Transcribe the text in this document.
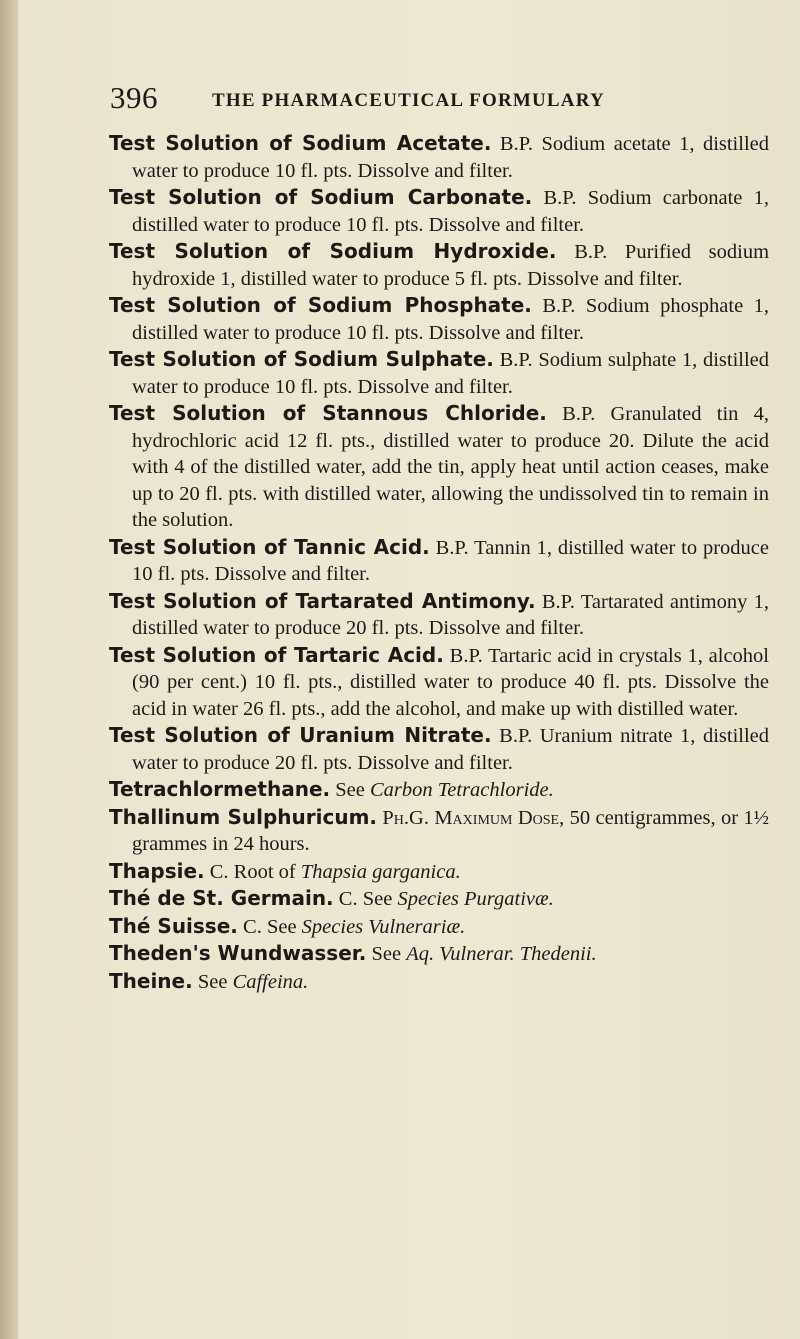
396	THE PHARMACEUTICAL FORMULARY

Test Solution of Sodium Acetate. B.P. Sodium acetate 1, distilled water to produce 10 fl. pts. Dissolve and filter.

Test Solution of Sodium Carbonate. B.P. Sodium carbonate 1, distilled water to produce 10 fl. pts. Dissolve and filter.

Test Solution of Sodium Hydroxide. B.P. Purified sodium hydroxide 1, distilled water to produce 5 fl. pts. Dissolve and filter.

Test Solution of Sodium Phosphate. B.P. Sodium phosphate 1, distilled water to produce 10 fl. pts. Dissolve and filter.

Test Solution of Sodium Sulphate. B.P. Sodium sulphate 1, distilled water to produce 10 fl. pts. Dissolve and filter.

Test Solution of Stannous Chloride. B.P. Granulated tin 4, hydrochloric acid 12 fl. pts., distilled water to produce 20. Dilute the acid with 4 of the distilled water, add the tin, apply heat until action ceases, make up to 20 fl. pts. with distilled water, allowing the undissolved tin to remain in the solution.

Test Solution of Tannic Acid. B.P. Tannin 1, distilled water to produce 10 fl. pts. Dissolve and filter.

Test Solution of Tartarated Antimony. B.P. Tartarated antimony 1, distilled water to produce 20 fl. pts. Dissolve and filter.

Test Solution of Tartaric Acid. B.P. Tartaric acid in crystals 1, alcohol (90 per cent.) 10 fl. pts., distilled water to produce 40 fl. pts. Dissolve the acid in water 26 fl. pts., add the alcohol, and make up with distilled water.

Test Solution of Uranium Nitrate. B.P. Uranium nitrate 1, distilled water to produce 20 fl. pts. Dissolve and filter.

Tetrachlormethane. See Carbon Tetrachloride.

Thallinum Sulphuricum. Ph.G. Maximum Dose, 50 centigrammes, or 1½ grammes in 24 hours.

Thapsie. C. Root of Thapsia garganica.

Thé de St. Germain. C. See Species Purgativæ.

Thé Suisse. C. See Species Vulnerariæ.

Theden's Wundwasser. See Aq. Vulnerar. Thedenii.

Theine. See Caffeina.
